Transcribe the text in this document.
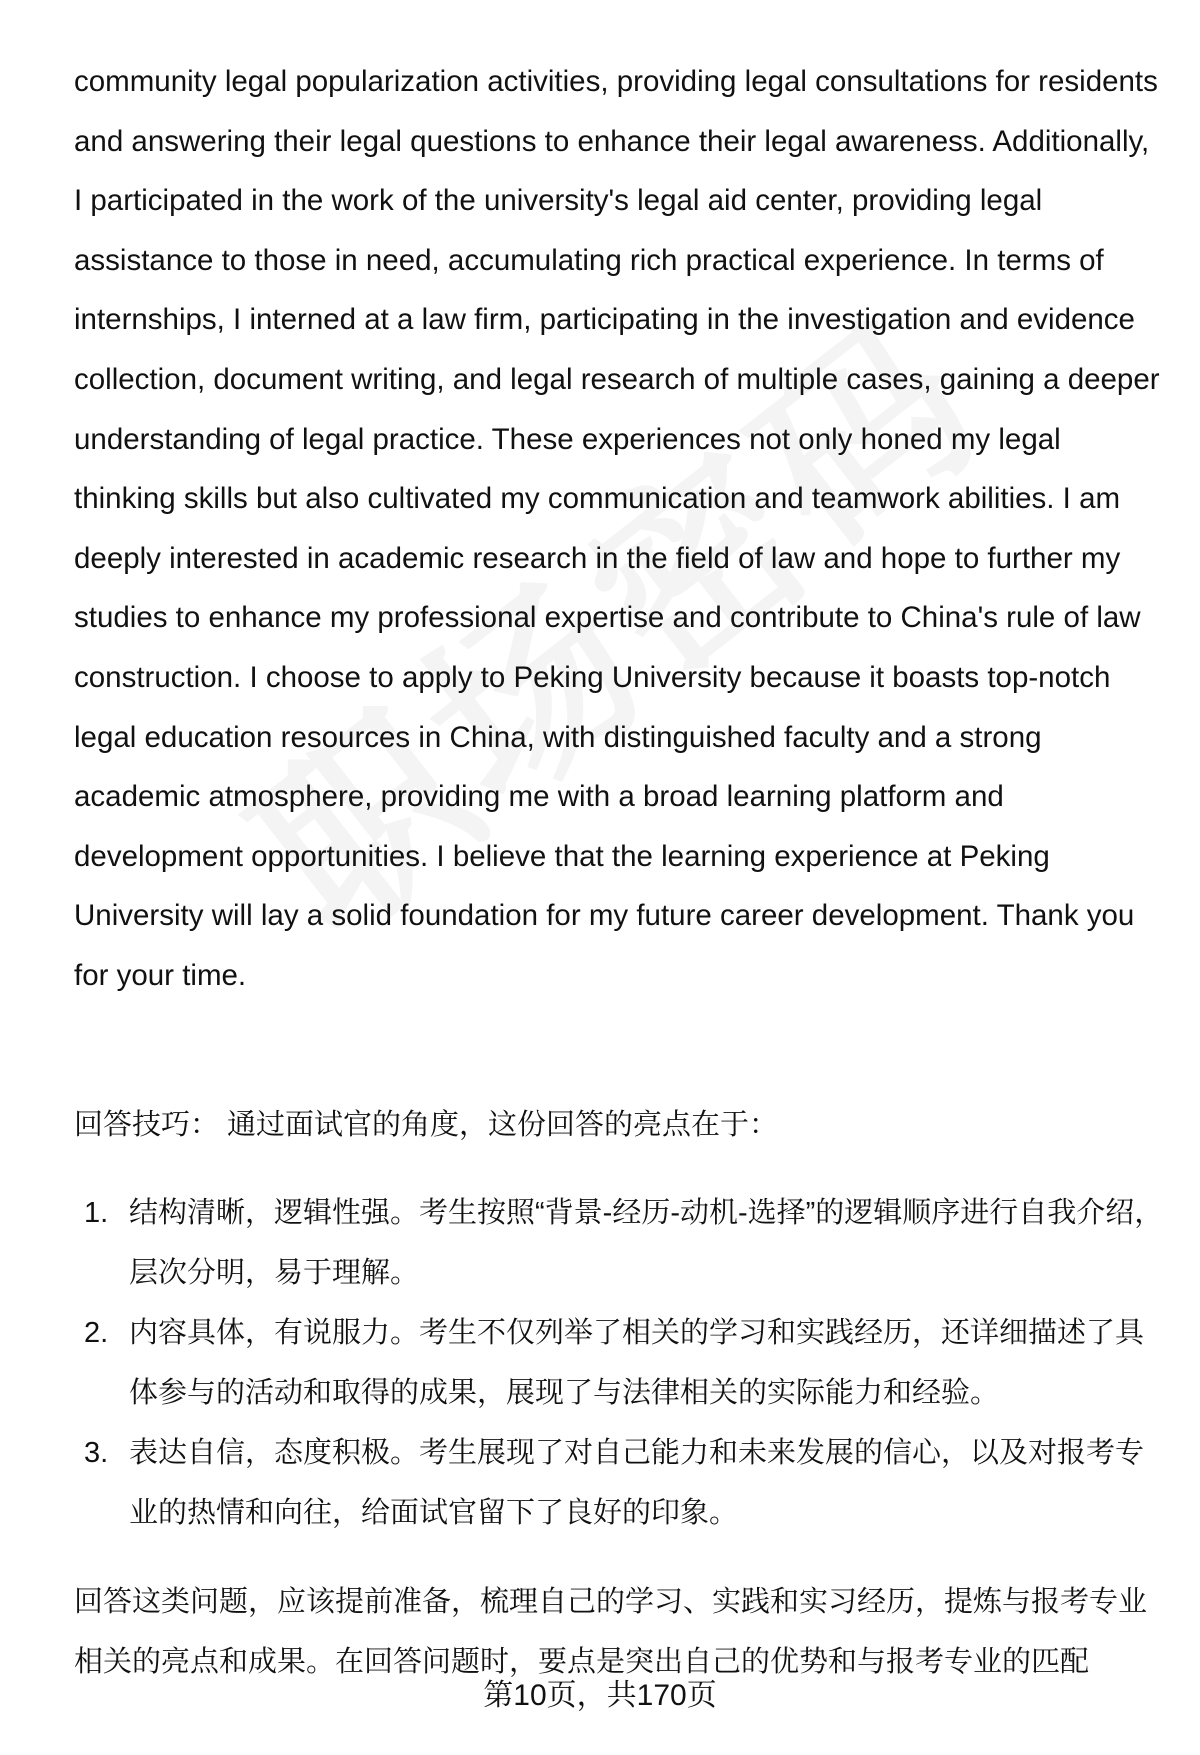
community legal popularization activities, providing legal consultations for residents and answering their legal questions to enhance their legal awareness. Additionally, I participated in the work of the university's legal aid center, providing legal assistance to those in need, accumulating rich practical experience. In terms of internships, I interned at a law firm, participating in the investigation and evidence collection, document writing, and legal research of multiple cases, gaining a deeper understanding of legal practice. These experiences not only honed my legal thinking skills but also cultivated my communication and teamwork abilities. I am deeply interested in academic research in the field of law and hope to further my studies to enhance my professional expertise and contribute to China's rule of law construction. I choose to apply to Peking University because it boasts top-notch legal education resources in China, with distinguished faculty and a strong academic atmosphere, providing me with a broad learning platform and development opportunities. I believe that the learning experience at Peking University will lay a solid foundation for my future career development. Thank you for your time.

回答技巧： 通过面试官的角度，这份回答的亮点在于：

1. 结构清晰，逻辑性强。考生按照“背景-经历-动机-选择”的逻辑顺序进行自我介绍，层次分明，易于理解。
2. 内容具体，有说服力。考生不仅列举了相关的学习和实践经历，还详细描述了具体参与的活动和取得的成果，展现了与法律相关的实际能力和经验。
3. 表达自信，态度积极。考生展现了对自己能力和未来发展的信心，以及对报考专业的热情和向往，给面试官留下了良好的印象。

回答这类问题，应该提前准备，梳理自己的学习、实践和实习经历，提炼与报考专业相关的亮点和成果。在回答问题时，要点是突出自己的优势和与报考专业的匹配

第10页，共170页
